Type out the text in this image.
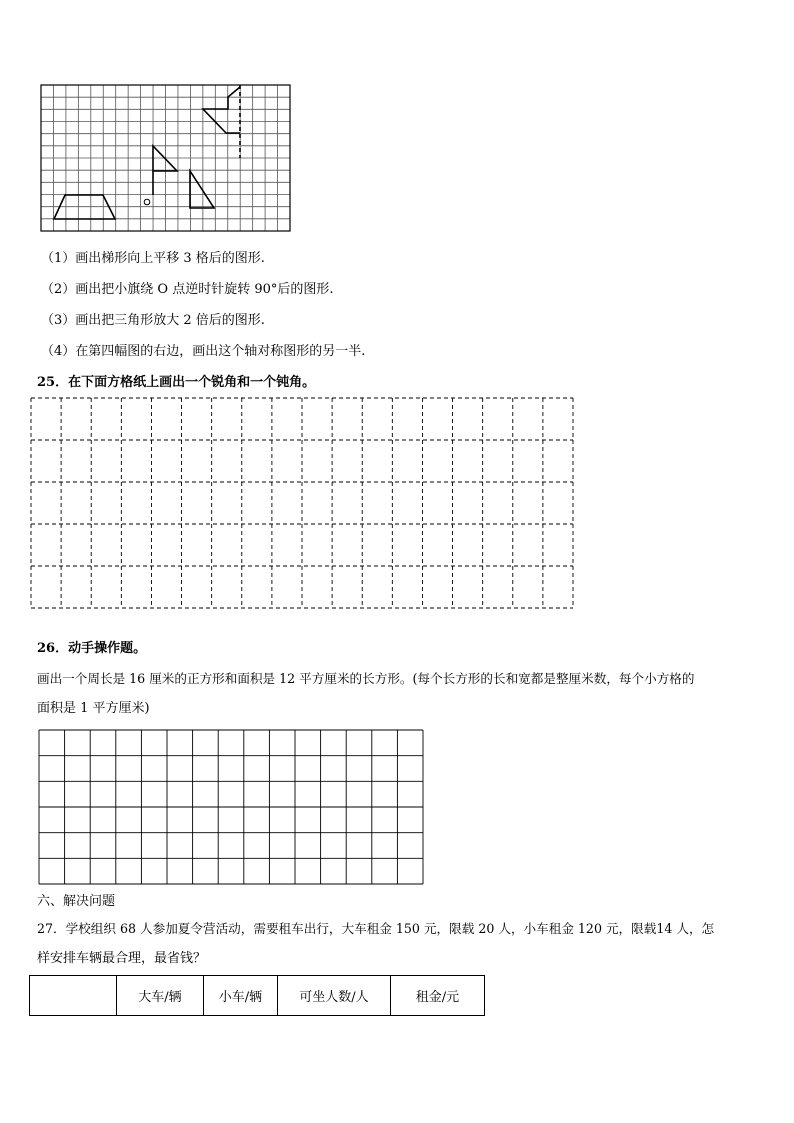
（1）画出梯形向上平移 3 格后的图形.
（2）画出把小旗绕 O 点逆时针旋转 90°后的图形.
（3）画出把三角形放大 2 倍后的图形.
（4）在第四幅图的右边，画出这个轴对称图形的另一半.
25．在下面方格纸上画出一个锐角和一个钝角。
26．动手操作题。
画出一个周长是 16 厘米的正方形和面积是 12 平方厘米的长方形。(每个长方形的长和宽都是整厘米数，每个小方格的
面积是 1 平方厘米)
六、解决问题
27．学校组织 68 人参加夏令营活动，需要租车出行，大车租金 150 元，限载 20 人，小车租金 120 元，限载14 人，怎
样安排车辆最合理，最省钱？
	大车/辆	小车/辆	可坐人数/人	租金/元
